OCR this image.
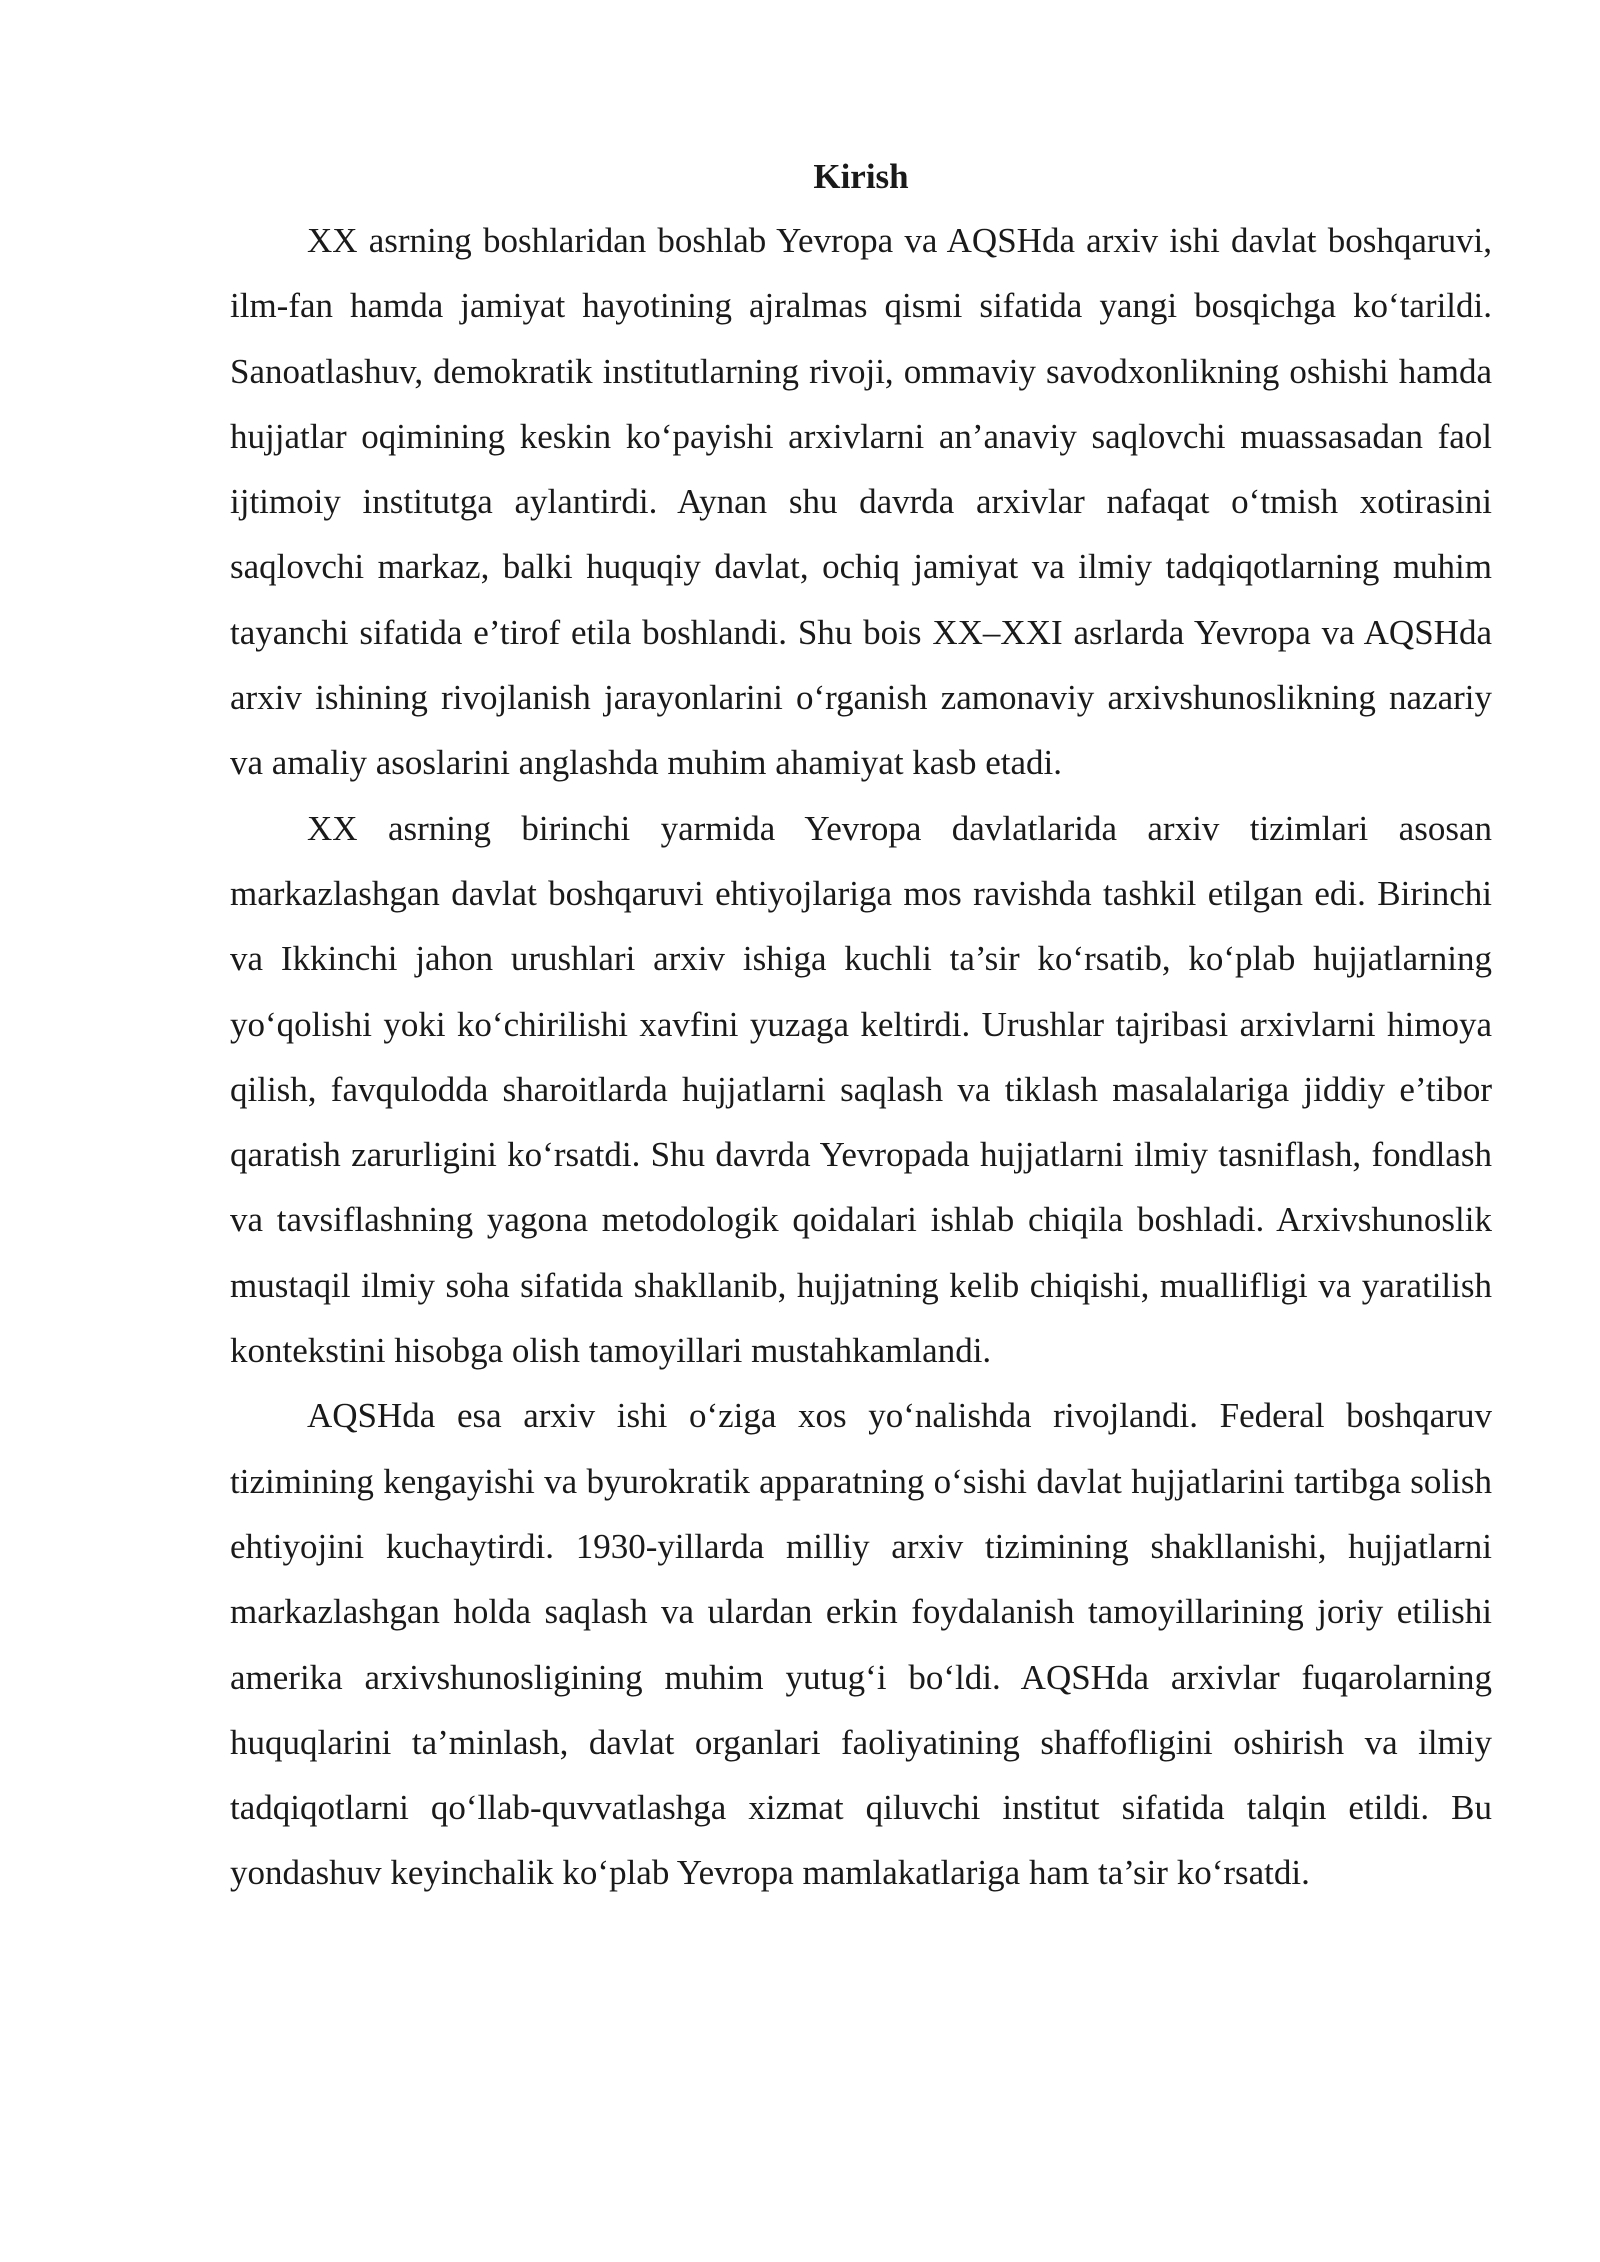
Kirish

XX asrning boshlaridan boshlab Yevropa va AQSHda arxiv ishi davlat boshqaruvi, ilm-fan hamda jamiyat hayotining ajralmas qismi sifatida yangi bosqichga ko‘tarildi. Sanoatlashuv, demokratik institutlarning rivoji, ommaviy savodxonlikning oshishi hamda hujjatlar oqimining keskin ko‘payishi arxivlarni an’anaviy saqlovchi muassasadan faol ijtimoiy institutga aylantirdi. Aynan shu davrda arxivlar nafaqat o‘tmish xotirasini saqlovchi markaz, balki huquqiy davlat, ochiq jamiyat va ilmiy tadqiqotlarning muhim tayanchi sifatida e’tirof etila boshlandi. Shu bois XX–XXI asrlarda Yevropa va AQSHda arxiv ishining rivojlanish jarayonlarini o‘rganish zamonaviy arxivshunoslikning nazariy va amaliy asoslarini anglashda muhim ahamiyat kasb etadi.

XX asrning birinchi yarmida Yevropa davlatlarida arxiv tizimlari asosan markazlashgan davlat boshqaruvi ehtiyojlariga mos ravishda tashkil etilgan edi. Birinchi va Ikkinchi jahon urushlari arxiv ishiga kuchli ta’sir ko‘rsatib, ko‘plab hujjatlarning yo‘qolishi yoki ko‘chirilishi xavfini yuzaga keltirdi. Urushlar tajribasi arxivlarni himoya qilish, favqulodda sharoitlarda hujjatlarni saqlash va tiklash masalalariga jiddiy e’tibor qaratish zarurligini ko‘rsatdi. Shu davrda Yevropada hujjatlarni ilmiy tasniflash, fondlash va tavsiflashning yagona metodologik qoidalari ishlab chiqila boshladi. Arxivshunoslik mustaqil ilmiy soha sifatida shakllanib, hujjatning kelib chiqishi, muallifligi va yaratilish kontekstini hisobga olish tamoyillari mustahkamlandi.

AQSHda esa arxiv ishi o‘ziga xos yo‘nalishda rivojlandi. Federal boshqaruv tizimining kengayishi va byurokratik apparatning o‘sishi davlat hujjatlarini tartibga solish ehtiyojini kuchaytirdi. 1930-yillarda milliy arxiv tizimining shakllanishi, hujjatlarni markazlashgan holda saqlash va ulardan erkin foydalanish tamoyillarining joriy etilishi amerika arxivshunosligining muhim yutug‘i bo‘ldi. AQSHda arxivlar fuqarolarning huquqlarini ta’minlash, davlat organlari faoliyatining shaffofligini oshirish va ilmiy tadqiqotlarni qo‘llab-quvvatlashga xizmat qiluvchi institut sifatida talqin etildi. Bu yondashuv keyinchalik ko‘plab Yevropa mamlakatlariga ham ta’sir ko‘rsatdi.
